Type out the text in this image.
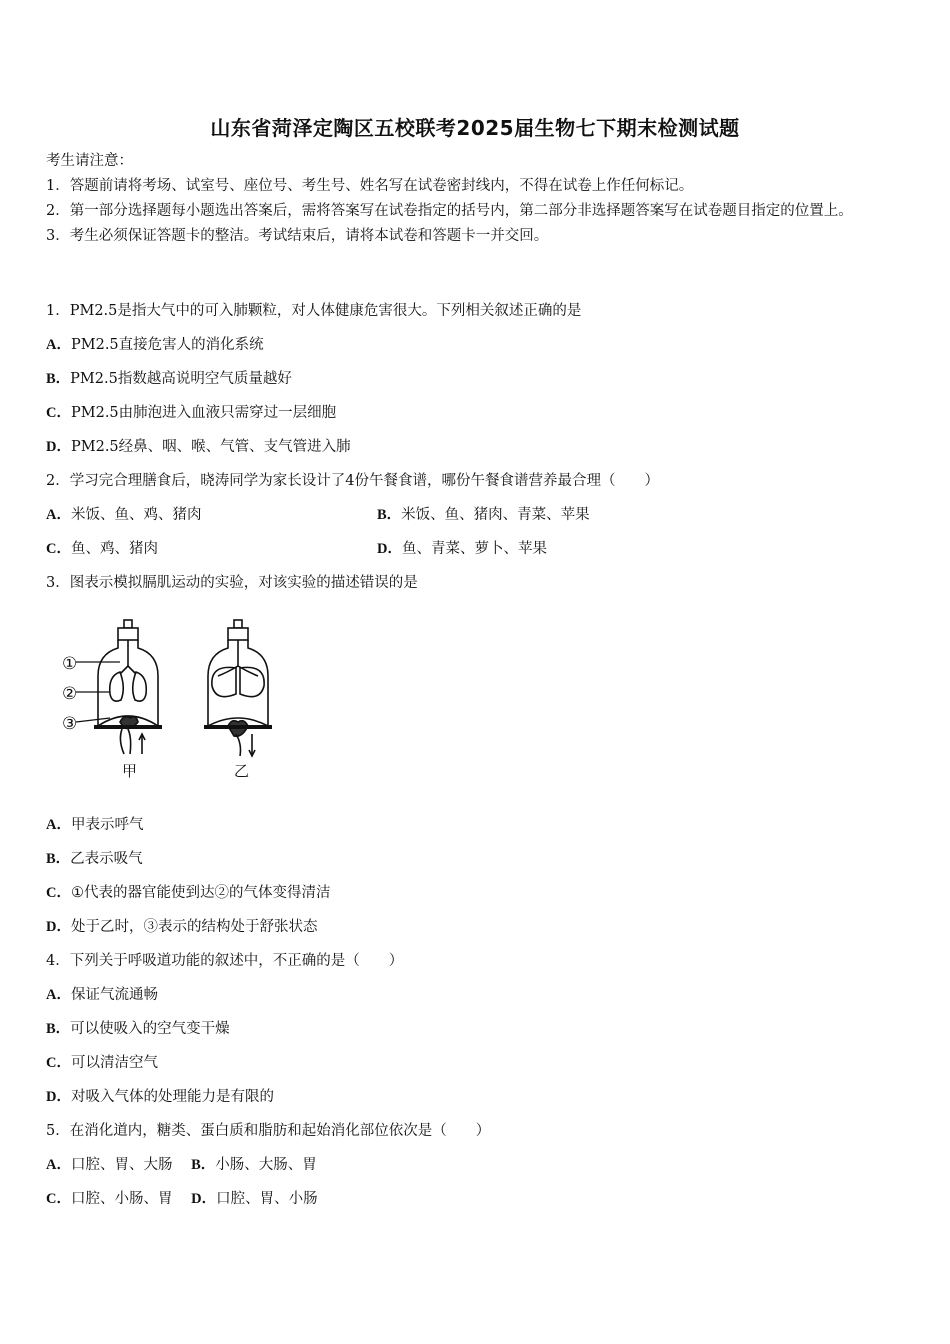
山东省菏泽定陶区五校联考2025届生物七下期末检测试题
考生请注意：
1．答题前请将考场、试室号、座位号、考生号、姓名写在试卷密封线内，不得在试卷上作任何标记。
2．第一部分选择题每小题选出答案后，需将答案写在试卷指定的括号内，第二部分非选择题答案写在试卷题目指定的位置上。
3．考生必须保证答题卡的整洁。考试结束后，请将本试卷和答题卡一并交回。
1．PM2.5是指大气中的可入肺颗粒，对人体健康危害很大。下列相关叙述正确的是
A．PM2.5直接危害人的消化系统
B．PM2.5指数越高说明空气质量越好
C．PM2.5由肺泡进入血液只需穿过一层细胞
D．PM2.5经鼻、咽、喉、气管、支气管进入肺
2．学习完合理膳食后，晓涛同学为家长设计了4份午餐食谱，哪份午餐食谱营养最合理（　　）
A．米饭、鱼、鸡、猪肉	B．米饭、鱼、猪肉、青菜、苹果
C．鱼、鸡、猪肉	D．鱼、青菜、萝卜、苹果
3．图表示模拟膈肌运动的实验，对该实验的描述错误的是
①
②
③
甲	乙
A．甲表示呼气
B．乙表示吸气
C．①代表的器官能使到达②的气体变得清洁
D．处于乙时，③表示的结构处于舒张状态
4．下列关于呼吸道功能的叙述中，不正确的是（　　）
A．保证气流通畅
B．可以使吸入的空气变干燥
C．可以清洁空气
D．对吸入气体的处理能力是有限的
5．在消化道内，糖类、蛋白质和脂肪和起始消化部位依次是（　　）
A．口腔、胃、大肠 B．小肠、大肠、胃
C．口腔、小肠、胃 D．口腔、胃、小肠
